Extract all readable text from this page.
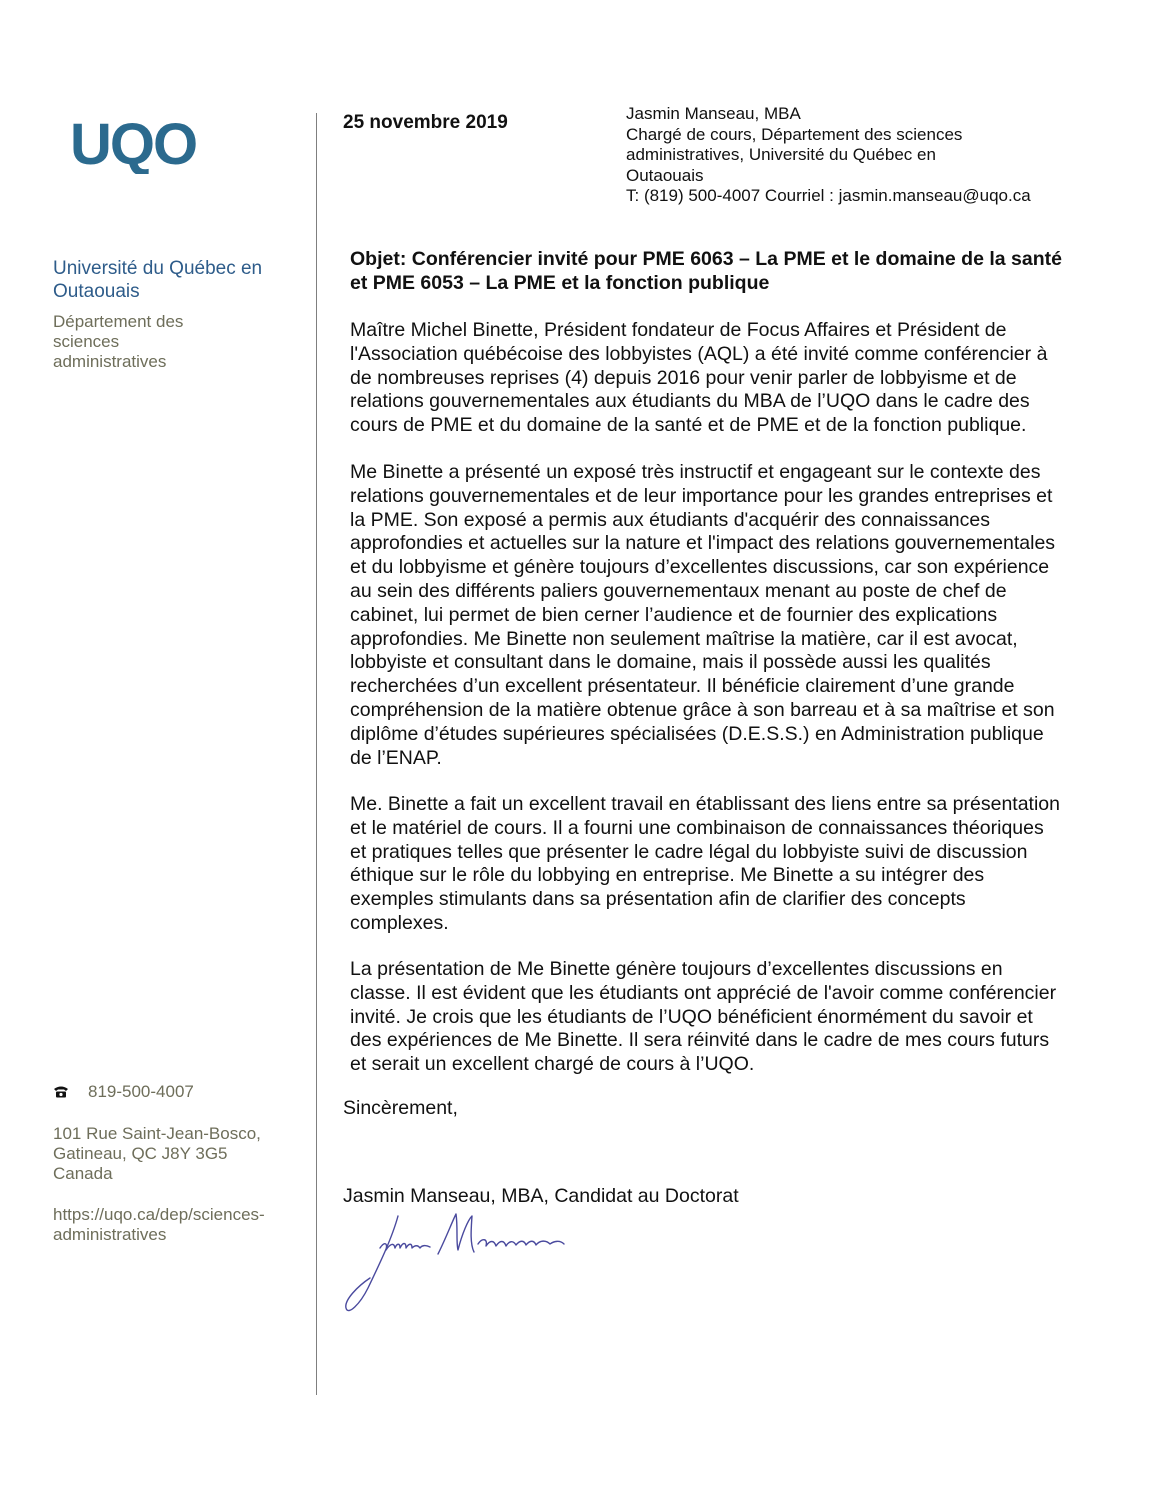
UQO
Université du Québec en
Outaouais
Département des
sciences
administratives
819-500-4007
101 Rue Saint-Jean-Bosco,
Gatineau, QC J8Y 3G5
Canada
https://uqo.ca/dep/sciences-
administratives
25 novembre 2019	Jasmin Manseau, MBA
Chargé de cours, Département des sciences
administratives, Université du Québec en
Outaouais
T: (819) 500-4007 Courriel : jasmin.manseau@uqo.ca
Objet: Conférencier invité pour PME 6063 – La PME et le domaine de la santé
et PME 6053 – La PME et la fonction publique
Maître Michel Binette, Président fondateur de Focus Affaires et Président de
l'Association québécoise des lobbyistes (AQL) a été invité comme conférencier à
de nombreuses reprises (4) depuis 2016 pour venir parler de lobbyisme et de
relations gouvernementales aux étudiants du MBA de l’UQO dans le cadre des
cours de PME et du domaine de la santé et de PME et de la fonction publique.
Me Binette a présenté un exposé très instructif et engageant sur le contexte des
relations gouvernementales et de leur importance pour les grandes entreprises et
la PME. Son exposé a permis aux étudiants d'acquérir des connaissances
approfondies et actuelles sur la nature et l'impact des relations gouvernementales
et du lobbyisme et génère toujours d’excellentes discussions, car son expérience
au sein des différents paliers gouvernementaux menant au poste de chef de
cabinet, lui permet de bien cerner l’audience et de fournier des explications
approfondies. Me Binette non seulement maîtrise la matière, car il est avocat,
lobbyiste et consultant dans le domaine, mais il possède aussi les qualités
recherchées d’un excellent présentateur. Il bénéficie clairement d’une grande
compréhension de la matière obtenue grâce à son barreau et à sa maîtrise et son
diplôme d’études supérieures spécialisées (D.E.S.S.) en Administration publique
de l’ENAP.
Me. Binette a fait un excellent travail en établissant des liens entre sa présentation
et le matériel de cours. Il a fourni une combinaison de connaissances théoriques
et pratiques telles que présenter le cadre légal du lobbyiste suivi de discussion
éthique sur le rôle du lobbying en entreprise. Me Binette a su intégrer des
exemples stimulants dans sa présentation afin de clarifier des concepts
complexes.
La présentation de Me Binette génère toujours d’excellentes discussions en
classe. Il est évident que les étudiants ont apprécié de l'avoir comme conférencier
invité. Je crois que les étudiants de l’UQO bénéficient énormément du savoir et
des expériences de Me Binette. Il sera réinvité dans le cadre de mes cours futurs
et serait un excellent chargé de cours à l’UQO.
Sincèrement,
Jasmin Manseau, MBA, Candidat au Doctorat
